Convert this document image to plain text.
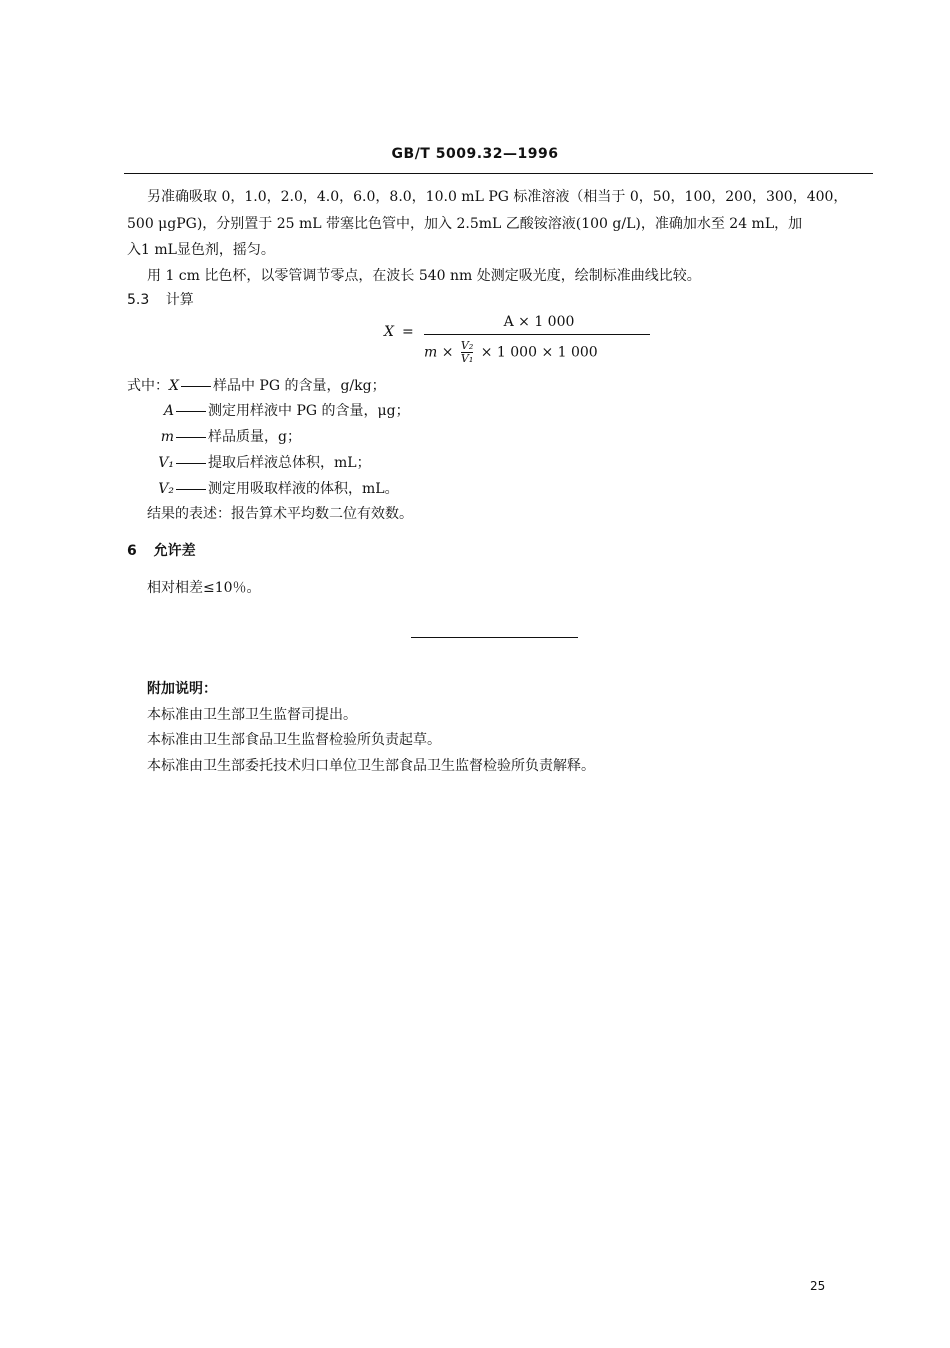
GB/T 5009.32—1996
另准确吸取 0，1.0，2.0，4.0，6.0，8.0，10.0 mL PG 标准溶液（相当于 0，50，100，200，300，400，
500 μgPG)，分别置于 25 mL 带塞比色管中，加入 2.5mL 乙酸铵溶液(100 g/L)，准确加水至 24 mL，加
入1 mL显色剂，摇匀。
用 1 cm 比色杯，以零管调节零点，在波长 540 nm 处测定吸光度，绘制标准曲线比较。
5.3 计算
X =
A × 1 000
$m \times \frac{\text{V₂}}{\text{V₁}} \times 1$ 000 × 1 000
式中：X 样品中 PG 的含量，g/kg；
A 测定用样液中 PG 的含量，μg；
m 样品质量，g；
V₁ 提取后样液总体积，mL；
V₂ 测定用吸取样液的体积，mL。
结果的表述：报告算术平均数二位有效数。
6 允许差
相对相差≤10％。
附加说明：
本标准由卫生部卫生监督司提出。
本标准由卫生部食品卫生监督检验所负责起草。
本标准由卫生部委托技术归口单位卫生部食品卫生监督检验所负责解释。
25
